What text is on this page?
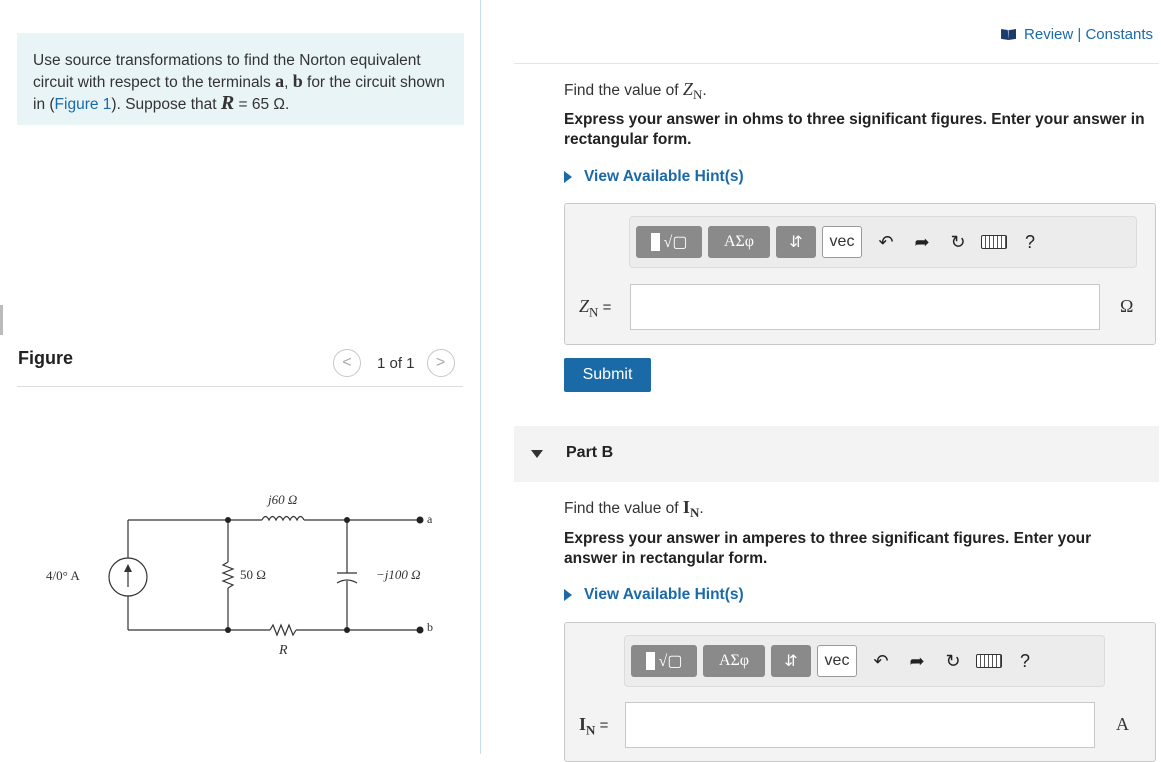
Use source transformations to find the Norton equivalent circuit with respect to the terminals a, b for the circuit shown in (Figure 1). Suppose that R = 65 Ω.
Figure	< 1 of 1 >
4/0° A
j60 Ω
50 Ω	−j100 Ω
R
a
b
Review | Constants
Find the value of $Z_N$.
Express your answer in ohms to three significant figures. Enter your answer in rectangular form.
View Available Hint(s)
√▢	ΑΣφ	⇵	vec	↶	➦	↻	?
$Z_N$ =	Ω
Submit
Part B
Find the value of $I_N$.
Express your answer in amperes to three significant figures. Enter your answer in rectangular form.
View Available Hint(s)
√▢	ΑΣφ	⇵	vec	↶	➦	↻	?
$I_N$ =	A
